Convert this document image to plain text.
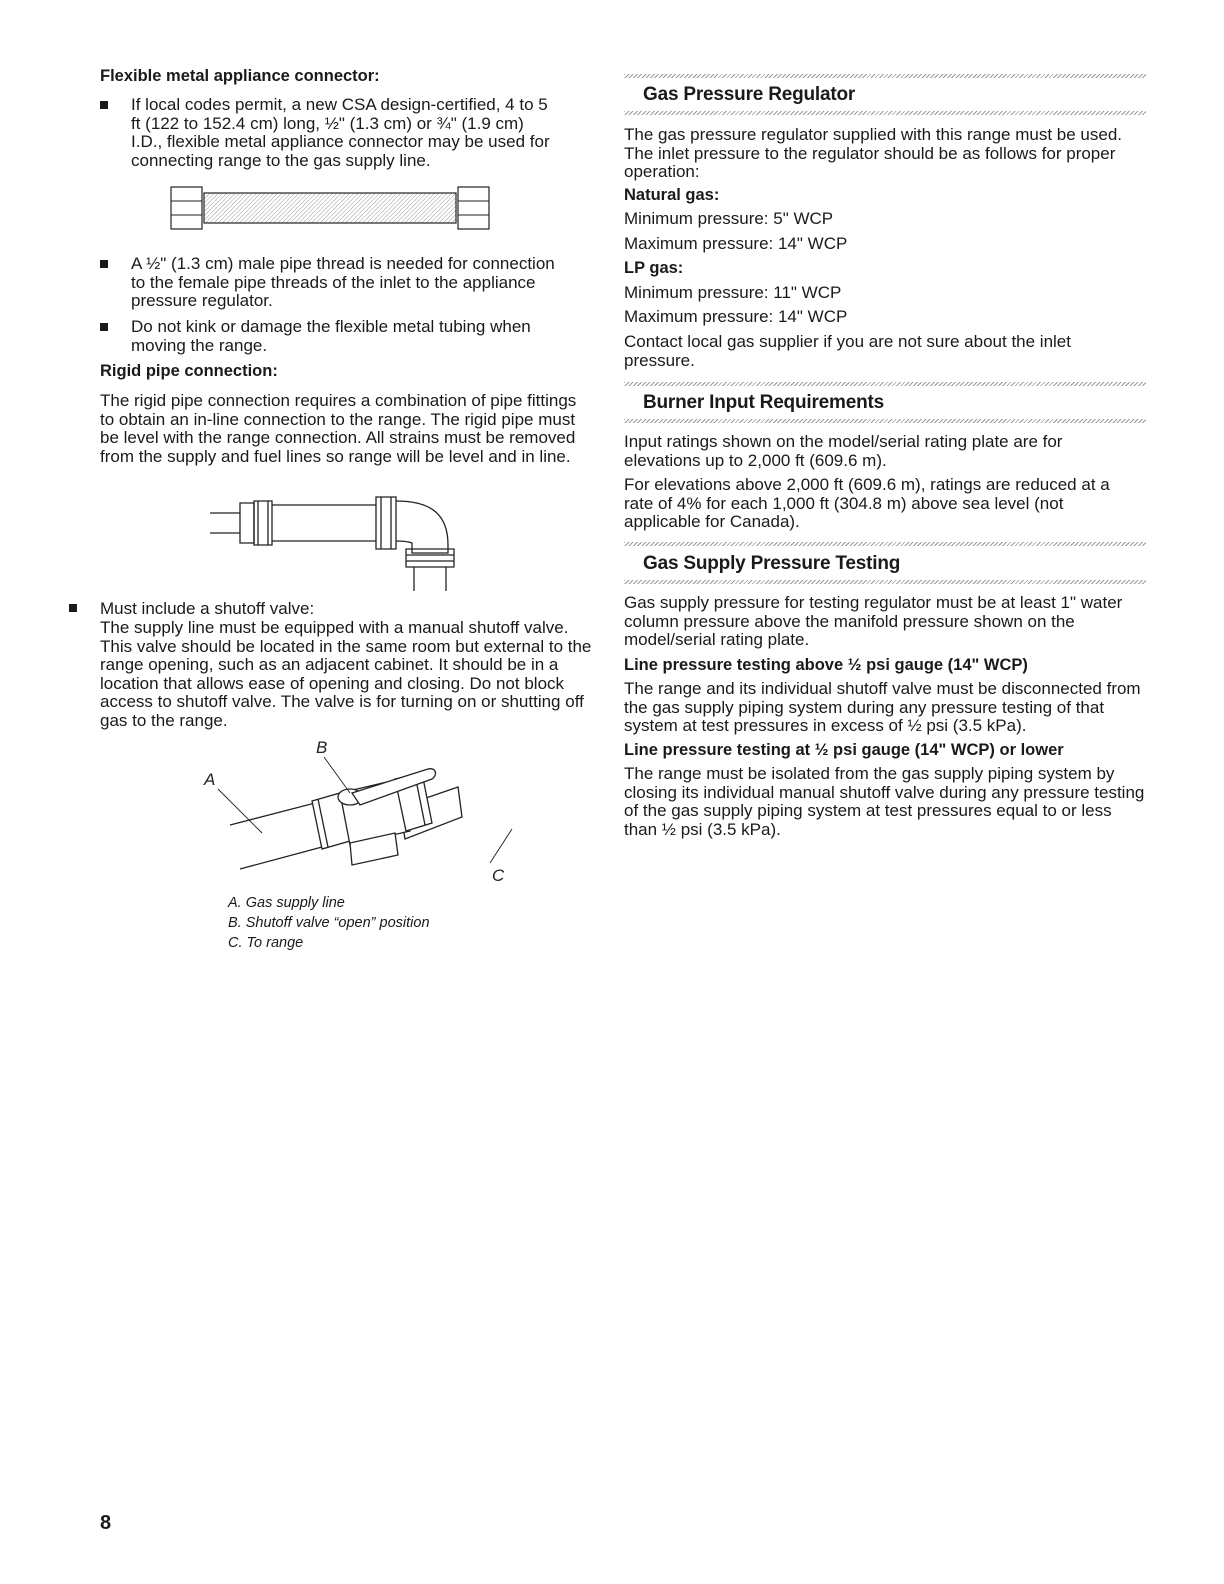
Flexible metal appliance connector:

If local codes permit, a new CSA design-certified, 4 to 5 ft (122 to 152.4 cm) long, ½" (1.3 cm) or ¾" (1.9 cm) I.D., flexible metal appliance connector may be used for connecting range to the gas supply line.

A ½" (1.3 cm) male pipe thread is needed for connection to the female pipe threads of the inlet to the appliance pressure regulator.

Do not kink or damage the flexible metal tubing when moving the range.

Rigid pipe connection:

The rigid pipe connection requires a combination of pipe fittings to obtain an in-line connection to the range. The rigid pipe must be level with the range connection. All strains must be removed from the supply and fuel lines so range will be level and in line.

Must include a shutoff valve:

The supply line must be equipped with a manual shutoff valve. This valve should be located in the same room but external to the range opening, such as an adjacent cabinet. It should be in a location that allows ease of opening and closing. Do not block access to shutoff valve. The valve is for turning on or shutting off gas to the range.

B
A
C

A. Gas supply line

B. Shutoff valve “open” position

C. To range

Gas Pressure Regulator

The gas pressure regulator supplied with this range must be used. The inlet pressure to the regulator should be as follows for proper operation:

Natural gas:

Minimum pressure: 5" WCP

Maximum pressure: 14" WCP

LP gas:

Minimum pressure: 11" WCP

Maximum pressure: 14" WCP

Contact local gas supplier if you are not sure about the inlet pressure.

Burner Input Requirements

Input ratings shown on the model/serial rating plate are for elevations up to 2,000 ft (609.6 m).

For elevations above 2,000 ft (609.6 m), ratings are reduced at a rate of 4% for each 1,000 ft (304.8 m) above sea level (not applicable for Canada).

Gas Supply Pressure Testing

Gas supply pressure for testing regulator must be at least 1" water column pressure above the manifold pressure shown on the model/serial rating plate.

Line pressure testing above ½ psi gauge (14" WCP)

The range and its individual shutoff valve must be disconnected from the gas supply piping system during any pressure testing of that system at test pressures in excess of ½ psi (3.5 kPa).

Line pressure testing at ½ psi gauge (14" WCP) or lower

The range must be isolated from the gas supply piping system by closing its individual manual shutoff valve during any pressure testing of the gas supply piping system at test pressures equal to or less than ½ psi (3.5 kPa).

8
